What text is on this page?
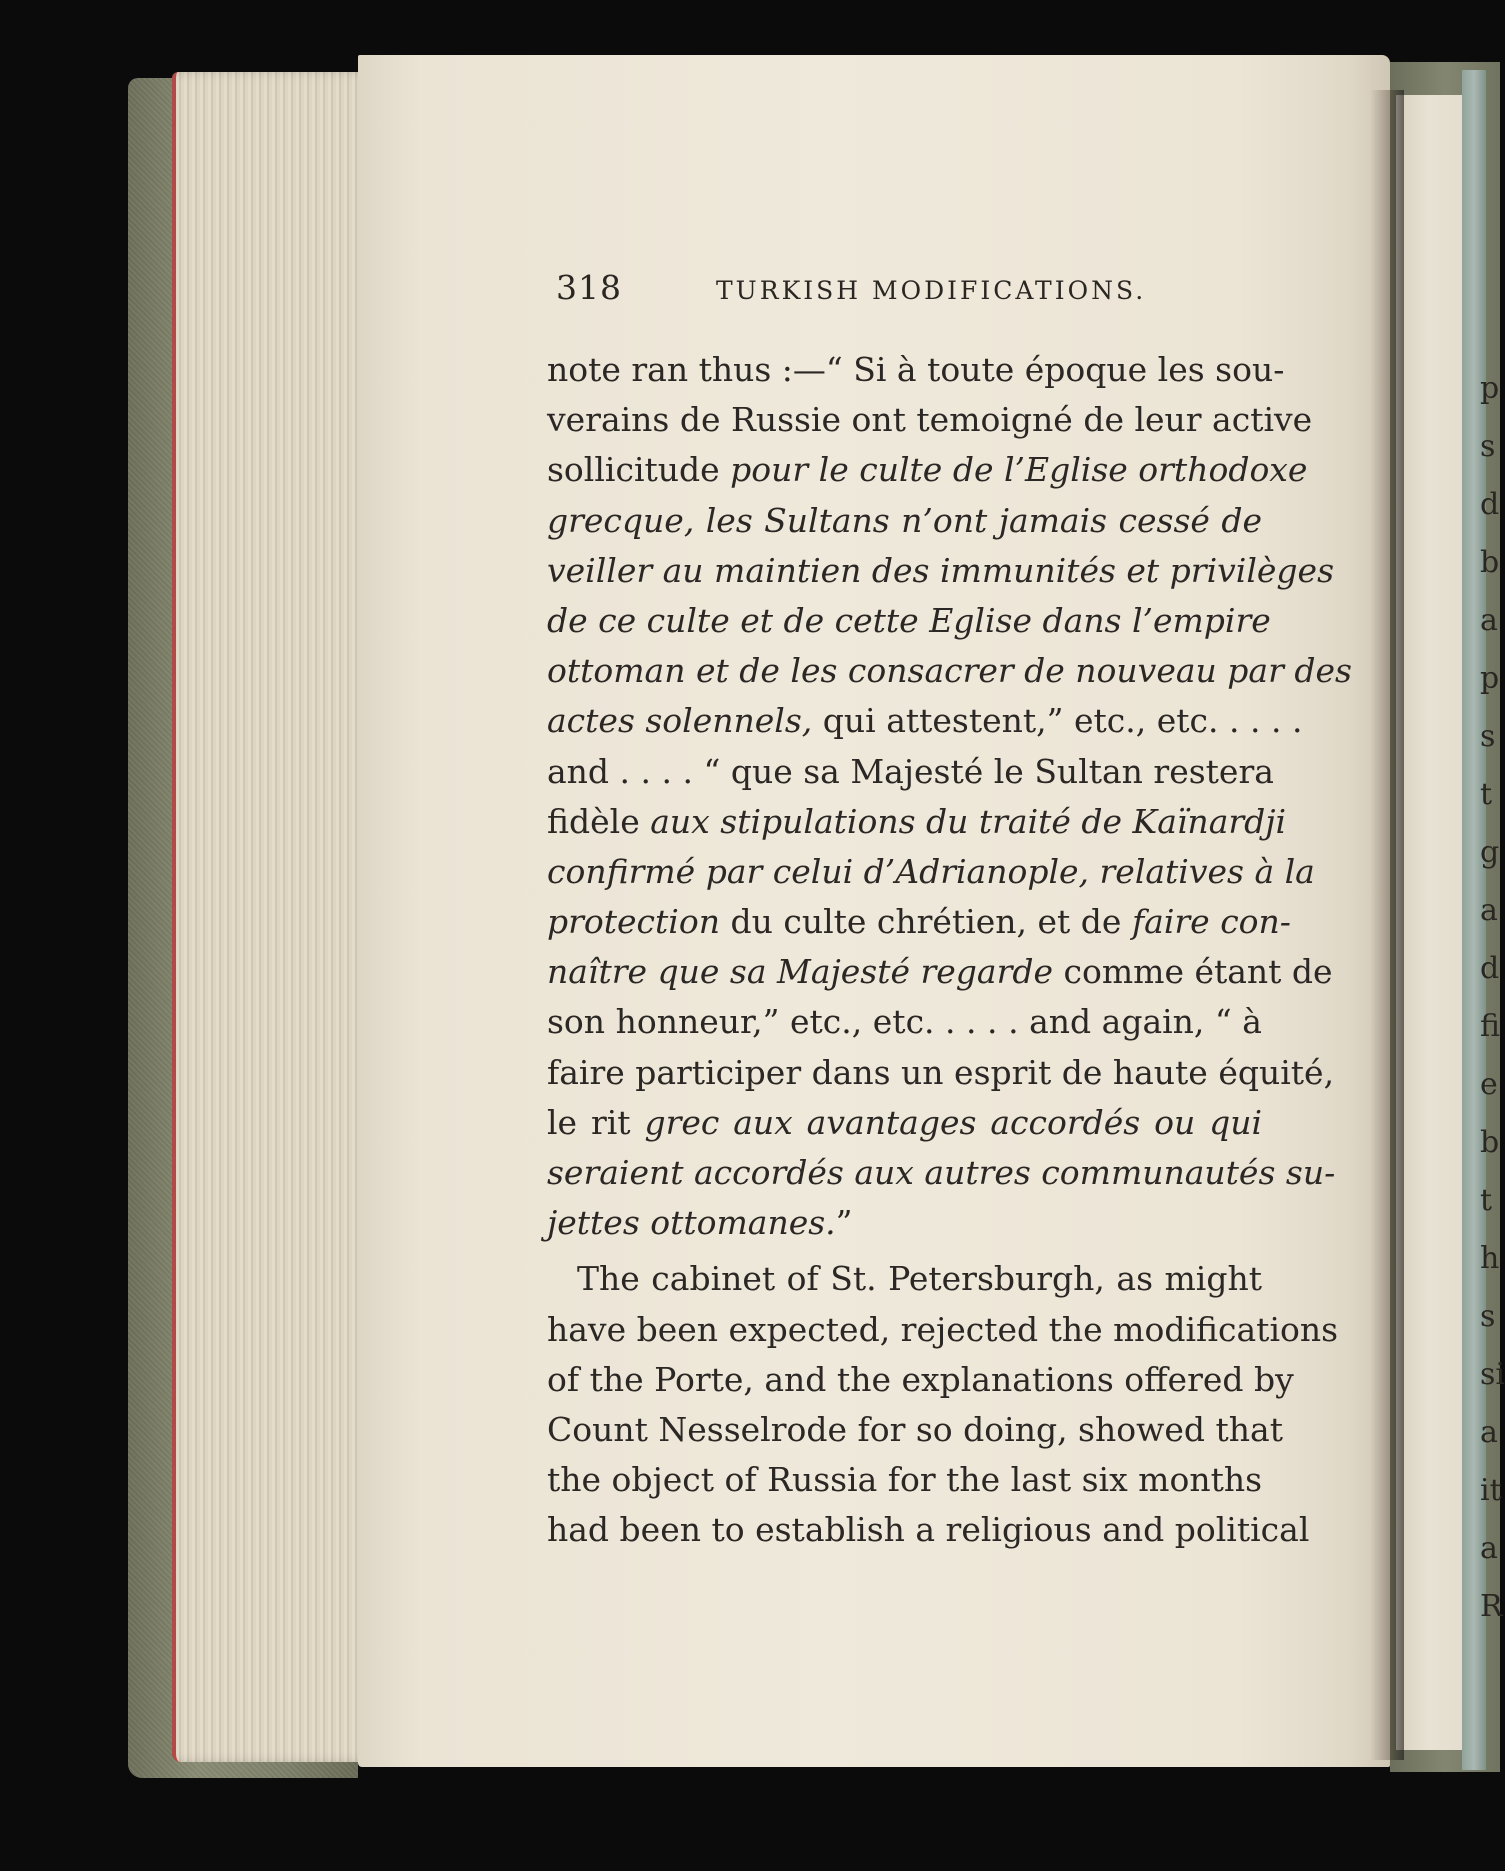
318	TURKISH MODIFICATIONS.
note ran thus :—“ Si à toute époque les sou-
verains de Russie ont temoigné de leur active
sollicitude pour le culte de l’Eglise orthodoxe
grecque, les Sultans n’ont jamais cessé de
veiller au maintien des immunités et privilèges
de ce culte et de cette Eglise dans l’empire
ottoman et de les consacrer de nouveau par des
actes solennels, qui attestent,” etc., etc. . . . .
and . . . . “ que sa Majesté le Sultan restera
fidèle aux stipulations du traité de Kaïnardji
confirmé par celui d’Adrianople, relatives à la
protection du culte chrétien, et de faire con-
naître que sa Majesté regarde comme étant de
son honneur,” etc., etc. . . . . and again, “ à
faire participer dans un esprit de haute équité,
le rit grec aux avantages accordés ou qui
seraient accordés aux autres communautés su-
jettes ottomanes.”
The cabinet of St. Petersburgh, as might
have been expected, rejected the modifications
of the Porte, and the explanations offered by
Count Nesselrode for so doing, showed that
the object of Russia for the last six months
had been to establish a religious and political
p
s
d
b
a
p
s
t
g
a
d
fi
e
b
t
h
s
si
a
it
a
R
